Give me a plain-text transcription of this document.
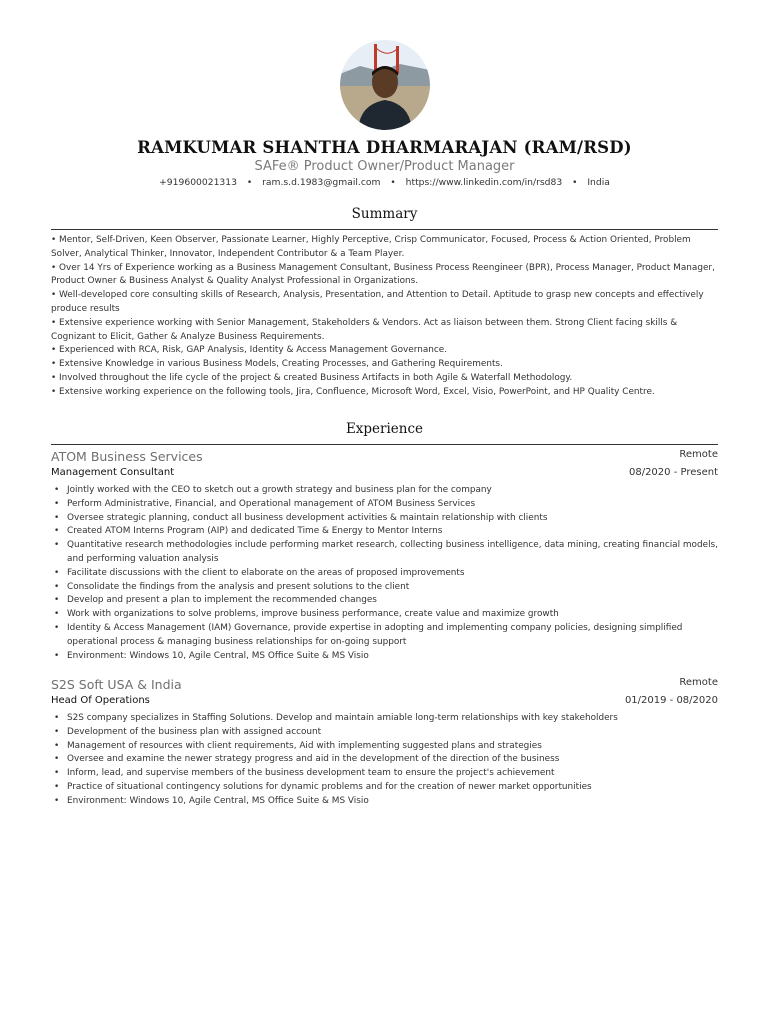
RAMKUMAR SHANTHA DHARMARAJAN (RAM/RSD)
SAFe® Product Owner/Product Manager
+919600021313 • ram.s.d.1983@gmail.com • https://www.linkedin.com/in/rsd83 • India
Summary

• Mentor, Self-Driven, Keen Observer, Passionate Learner, Highly Perceptive, Crisp Communicator, Focused, Process & Action Oriented, Problem Solver, Analytical Thinker, Innovator, Independent Contributor & a Team Player.

• Over 14 Yrs of Experience working as a Business Management Consultant, Business Process Reengineer (BPR), Process Manager, Product Manager, Product Owner & Business Analyst & Quality Analyst Professional in Organizations.

• Well-developed core consulting skills of Research, Analysis, Presentation, and Attention to Detail. Aptitude to grasp new concepts and effectively produce results

• Extensive experience working with Senior Management, Stakeholders & Vendors. Act as liaison between them. Strong Client facing skills & Cognizant to Elicit, Gather & Analyze Business Requirements.

• Experienced with RCA, Risk, GAP Analysis, Identity & Access Management Governance.

• Extensive Knowledge in various Business Models, Creating Processes, and Gathering Requirements.

• Involved throughout the life cycle of the project & created Business Artifacts in both Agile & Waterfall Methodology.

• Extensive working experience on the following tools, Jira, Confluence, Microsoft Word, Excel, Visio, PowerPoint, and HP Quality Centre.

Experience
ATOM Business Services	Remote
Management Consultant	08/2020 - Present
• Jointly worked with the CEO to sketch out a growth strategy and business plan for the company
• Perform Administrative, Financial, and Operational management of ATOM Business Services
• Oversee strategic planning, conduct all business development activities & maintain relationship with clients
• Created ATOM Interns Program (AIP) and dedicated Time & Energy to Mentor Interns
• Quantitative research methodologies include performing market research, collecting business intelligence, data mining, creating financial models, and performing valuation analysis
• Facilitate discussions with the client to elaborate on the areas of proposed improvements
• Consolidate the findings from the analysis and present solutions to the client
• Develop and present a plan to implement the recommended changes
• Work with organizations to solve problems, improve business performance, create value and maximize growth
• Identity & Access Management (IAM) Governance, provide expertise in adopting and implementing company policies, designing simplified operational process & managing business relationships for on-going support
• Environment: Windows 10, Agile Central, MS Office Suite & MS Visio
S2S Soft USA & India	Remote
Head Of Operations	01/2019 - 08/2020
• S2S company specializes in Staffing Solutions. Develop and maintain amiable long-term relationships with key stakeholders
• Development of the business plan with assigned account
• Management of resources with client requirements, Aid with implementing suggested plans and strategies
• Oversee and examine the newer strategy progress and aid in the development of the direction of the business
• Inform, lead, and supervise members of the business development team to ensure the project's achievement
• Practice of situational contingency solutions for dynamic problems and for the creation of newer market opportunities
• Environment: Windows 10, Agile Central, MS Office Suite & MS Visio
